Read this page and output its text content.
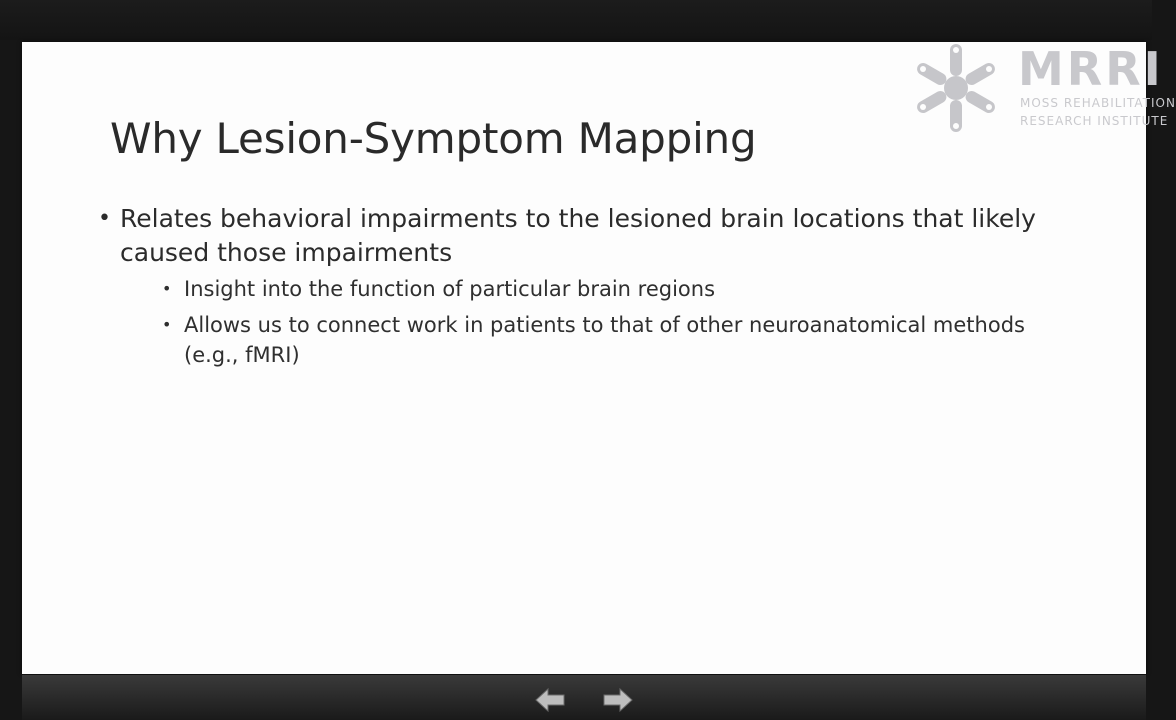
Why Lesion-Symptom Mapping
MRRI
MOSS REHABILITATION
RESEARCH INSTITUTE
• Relates behavioral impairments to the lesioned brain locations that likely caused those impairments
• Insight into the function of particular brain regions
• Allows us to connect work in patients to that of other neuroanatomical methods (e.g., fMRI)
